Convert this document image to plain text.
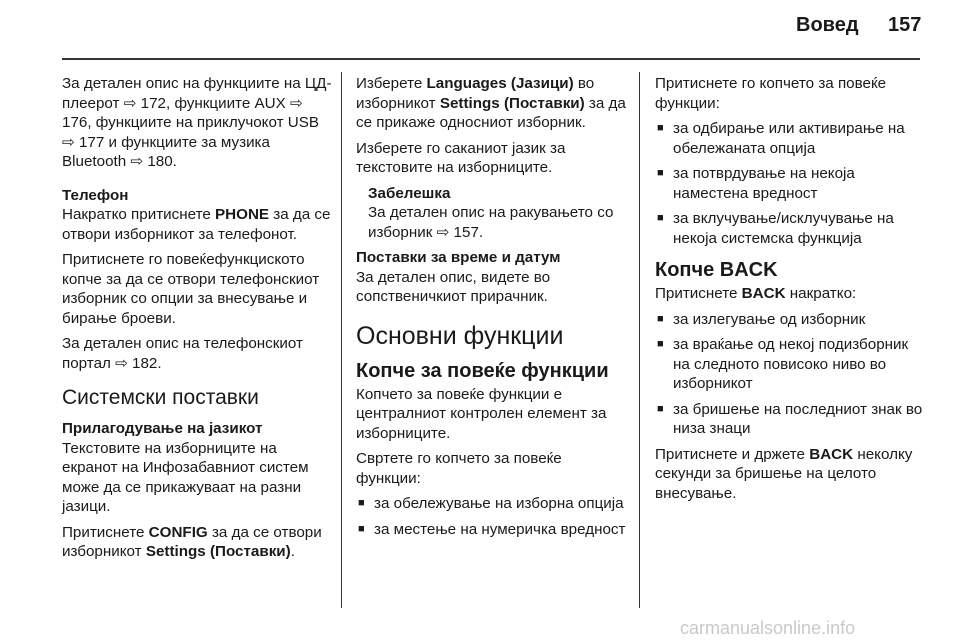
Вовед 157

За детален опис на функциите на ЦД-плеерот ⇨ 172, функциите AUX ⇨ 176, функциите на приклучокот USB ⇨ 177 и функциите за музика Bluetooth ⇨ 180.

Телефон

Накратко притиснете PHONE за да се отвори изборникот за телефонот.

Притиснете го повеќефункциското копче за да се отвори телефонскиот изборник со опции за внесување и бирање броеви.

За детален опис на телефонскиот портал ⇨ 182.

Системски поставки

Прилагодување на јазикот

Текстовите на изборниците на екранот на Инфозабавниот систем може да се прикажуваат на разни јазици.

Притиснете CONFIG за да се отвори изборникот Settings (Поставки).

Изберете Languages (Јазици) во изборникот Settings (Поставки) за да се прикаже односниот изборник.

Изберете го саканиот јазик за текстовите на изборниците.

Забелешка
За детален опис на ракувањето со изборник ⇨ 157.

Поставки за време и датум

За детален опис, видете во сопственичкиот прирачник.

Основни функции

Копче за повеќе функции

Копчето за повеќе функции е централниот контролен елемент за изборниците.

Свртете го копчето за повеќе функции:

■ за обележување на изборна опција
■ за местење на нумеричка вредност

Притиснете го копчето за повеќе функции:

■ за одбирање или активирање на обележаната опција
■ за потврдување на некоја наместена вредност
■ за вклучување/исклучување на некоја системска функција

Копче BACK

Притиснете BACK накратко:

■ за излегување од изборник
■ за враќање од некој подизборник на следното повисоко ниво во изборникот
■ за бришење на последниот знак во низа знаци

Притиснете и држете BACK неколку секунди за бришење на целото внесување.

carmanualsonline.info
